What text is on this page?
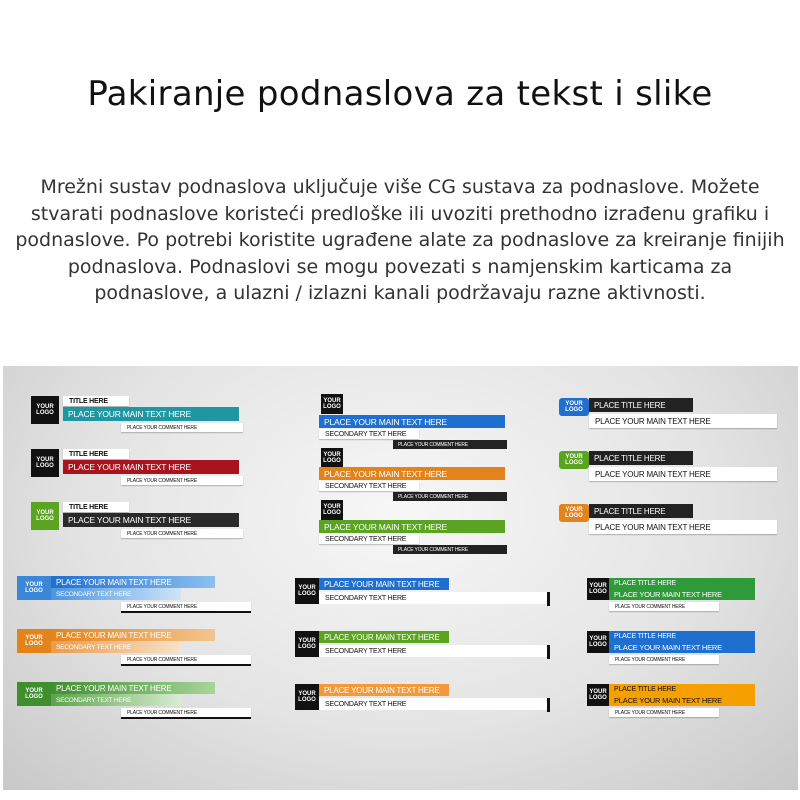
Pakiranje podnaslova za tekst i slike
Mrežni sustav podnaslova uključuje više CG sustava za podnaslove. Možete stvarati podnaslove koristeći predloške ili uvoziti prethodno izrađenu grafiku i podnaslove. Po potrebi koristite ugrađene alate za podnaslove za kreiranje finijih podnaslova. Podnaslovi se mogu povezati s namjenskim karticama za podnaslove, a ulazni / izlazni kanali podržavaju razne aktivnosti.
YOUR LOGO
TITLE HERE
PLACE YOUR MAIN TEXT HERE
PLACE YOUR COMMENT HERE
YOUR LOGO
TITLE HERE
PLACE YOUR MAIN TEXT HERE
PLACE YOUR COMMENT HERE
YOUR LOGO
TITLE HERE
PLACE YOUR MAIN TEXT HERE
PLACE YOUR COMMENT HERE
YOUR LOGO
PLACE YOUR MAIN TEXT HERE
SECONDARY TEXT HERE
PLACE YOUR COMMENT HERE
YOUR LOGO
PLACE YOUR MAIN TEXT HERE
SECONDARY TEXT HERE
PLACE YOUR COMMENT HERE
YOUR LOGO
PLACE YOUR MAIN TEXT HERE
SECONDARY TEXT HERE
PLACE YOUR COMMENT HERE
YOUR LOGO
PLACE TITLE HERE
PLACE YOUR MAIN TEXT HERE
YOUR LOGO
PLACE TITLE HERE
PLACE YOUR MAIN TEXT HERE
YOUR LOGO
PLACE TITLE HERE
PLACE YOUR MAIN TEXT HERE
YOUR LOGO
PLACE YOUR MAIN TEXT HERE
SECONDARY TEXT HERE
PLACE YOUR COMMENT HERE
YOUR LOGO
PLACE YOUR MAIN TEXT HERE
SECONDARY TEXT HERE
PLACE YOUR COMMENT HERE
YOUR LOGO
PLACE YOUR MAIN TEXT HERE
SECONDARY TEXT HERE
PLACE YOUR COMMENT HERE
YOUR LOGO
PLACE YOUR MAIN TEXT HERE
SECONDARY TEXT HERE
YOUR LOGO
PLACE YOUR MAIN TEXT HERE
SECONDARY TEXT HERE
YOUR LOGO
PLACE YOUR MAIN TEXT HERE
SECONDARY TEXT HERE
YOUR LOGO
PLACE TITLE HERE
PLACE YOUR MAIN TEXT HERE
PLACE YOUR COMMENT HERE
YOUR LOGO
PLACE TITLE HERE
PLACE YOUR MAIN TEXT HERE
PLACE YOUR COMMENT HERE
YOUR LOGO
PLACE TITLE HERE
PLACE YOUR MAIN TEXT HERE
PLACE YOUR COMMENT HERE
